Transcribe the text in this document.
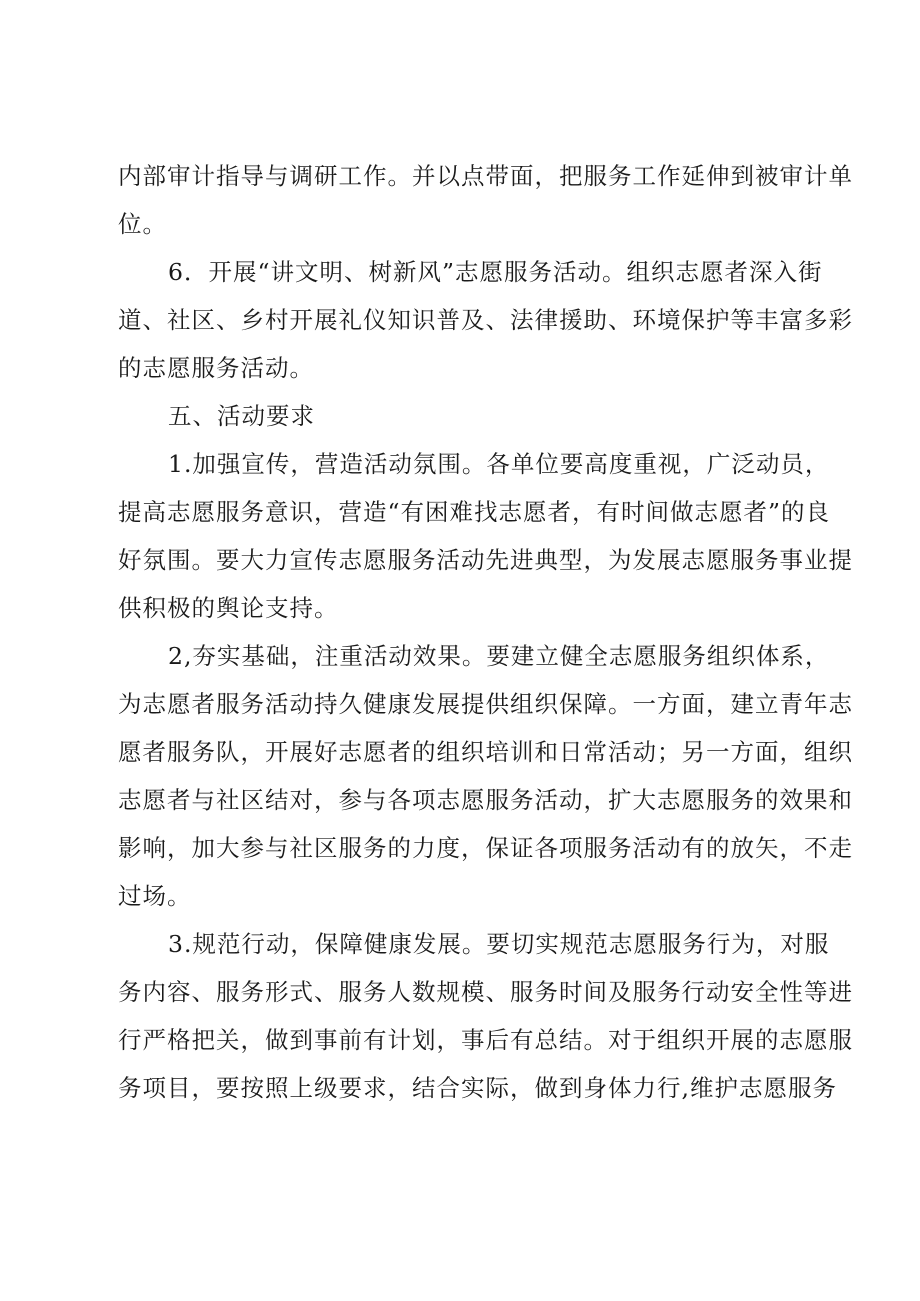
内部审计指导与调研工作。并以点带面，把服务工作延伸到被审计单
位。
6．开展“讲文明、树新风”志愿服务活动。组织志愿者深入街
道、社区、乡村开展礼仪知识普及、法律援助、环境保护等丰富多彩
的志愿服务活动。
五、活动要求
1.加强宣传，营造活动氛围。各单位要高度重视，广泛动员，
提高志愿服务意识，营造“有困难找志愿者，有时间做志愿者”的良
好氛围。要大力宣传志愿服务活动先进典型，为发展志愿服务事业提
供积极的舆论支持。
2,夯实基础，注重活动效果。要建立健全志愿服务组织体系，
为志愿者服务活动持久健康发展提供组织保障。一方面，建立青年志
愿者服务队，开展好志愿者的组织培训和日常活动；另一方面，组织
志愿者与社区结对，参与各项志愿服务活动，扩大志愿服务的效果和
影响，加大参与社区服务的力度，保证各项服务活动有的放矢，不走
过场。
3.规范行动，保障健康发展。要切实规范志愿服务行为，对服
务内容、服务形式、服务人数规模、服务时间及服务行动安全性等进
行严格把关，做到事前有计划，事后有总结。对于组织开展的志愿服
务项目，要按照上级要求，结合实际，做到身体力行,维护志愿服务
